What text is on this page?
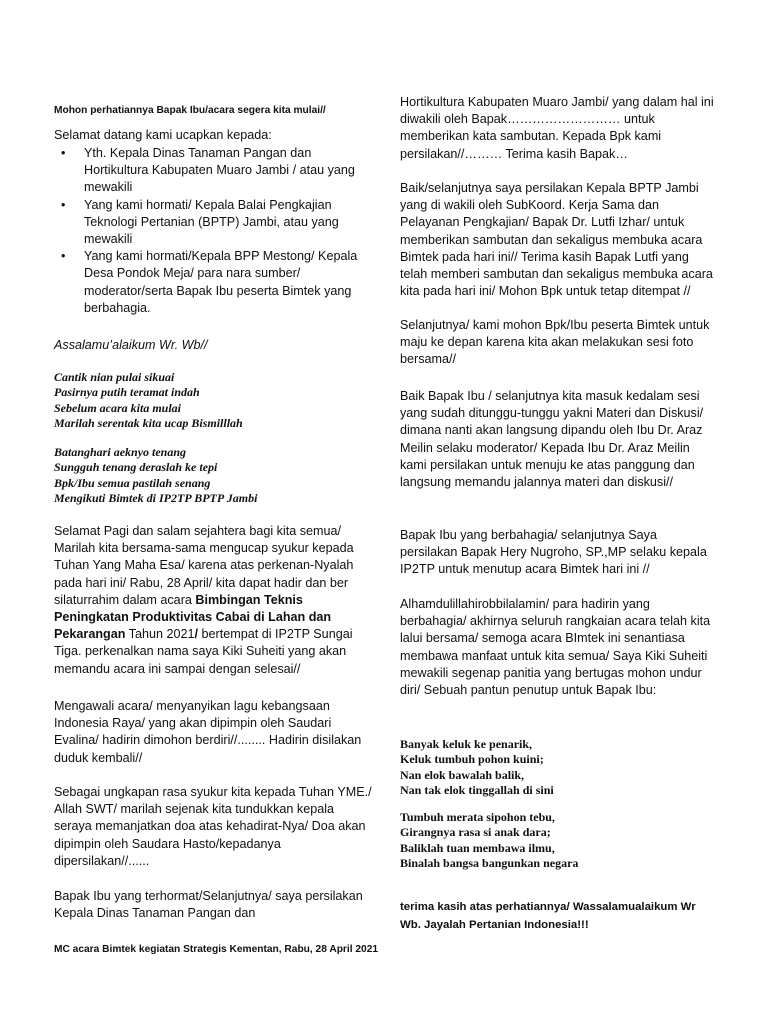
Mohon perhatiannya Bapak Ibu/acara segera kita mulai//

Selamat datang kami ucapkan kepada:

• Yth. Kepala Dinas Tanaman Pangan dan Hortikultura Kabupaten Muaro Jambi / atau yang mewakili
• Yang kami hormati/ Kepala Balai Pengkajian Teknologi Pertanian (BPTP) Jambi, atau yang mewakili
• Yang kami hormati/Kepala BPP Mestong/ Kepala Desa Pondok Meja/ para nara sumber/ moderator/serta Bapak Ibu peserta Bimtek yang berbahagia.

Assalamu’alaikum Wr. Wb//

Cantik nian pulai sikuai
Pasirnya putih teramat indah
Sebelum acara kita mulai
Marilah serentak kita ucap Bismilllah
Batanghari aeknyo tenang
Sungguh tenang deraslah ke tepi
Bpk/Ibu semua pastilah senang
Mengikuti Bimtek di IP2TP BPTP Jambi

Selamat Pagi dan salam sejahtera bagi kita semua/ Marilah kita bersama-sama mengucap syukur kepada Tuhan Yang Maha Esa/ karena atas perkenan-Nyalah pada hari ini/ Rabu, 28 April/ kita dapat hadir dan ber silaturrahim dalam acara Bimbingan Teknis Peningkatan Produktivitas Cabai di Lahan dan Pekarangan Tahun 2021/ bertempat di IP2TP Sungai Tiga. perkenalkan nama saya Kiki Suheiti yang akan memandu acara ini sampai dengan selesai//

Mengawali acara/ menyanyikan lagu kebangsaan Indonesia Raya/ yang akan dipimpin oleh Saudari Evalina/ hadirin dimohon berdiri//........ Hadirin disilakan duduk kembali//

Sebagai ungkapan rasa syukur kita kepada Tuhan YME./ Allah SWT/ marilah sejenak kita tundukkan kepala seraya memanjatkan doa atas kehadirat-Nya/ Doa akan dipimpin oleh Saudara Hasto/kepadanya dipersilakan//......

Bapak Ibu yang terhormat/Selanjutnya/ saya persilakan Kepala Dinas Tanaman Pangan dan

MC acara Bimtek kegiatan Strategis Kementan, Rabu, 28 April 2021

Hortikultura Kabupaten Muaro Jambi/ yang dalam hal ini diwakili oleh Bapak……………………… untuk memberikan kata sambutan. Kepada Bpk kami persilakan//……… Terima kasih Bapak…

Baik/selanjutnya saya persilakan Kepala BPTP Jambi yang di wakili oleh SubKoord. Kerja Sama dan Pelayanan Pengkajian/ Bapak Dr. Lutfi Izhar/ untuk memberikan sambutan dan sekaligus membuka acara Bimtek pada hari ini// Terima kasih Bapak Lutfi yang telah memberi sambutan dan sekaligus membuka acara kita pada hari ini/ Mohon Bpk untuk tetap ditempat //

Selanjutnya/ kami mohon Bpk/Ibu peserta Bimtek untuk maju ke depan karena kita akan melakukan sesi foto bersama//

Baik Bapak Ibu / selanjutnya kita masuk kedalam sesi yang sudah ditunggu-tunggu yakni Materi dan Diskusi/ dimana nanti akan langsung dipandu oleh Ibu Dr. Araz Meilin selaku moderator/ Kepada Ibu Dr. Araz Meilin kami persilakan untuk menuju ke atas panggung dan langsung memandu jalannya materi dan diskusi//

Bapak Ibu yang berbahagia/ selanjutnya Saya persilakan Bapak Hery Nugroho, SP.,MP selaku kepala IP2TP untuk menutup acara Bimtek hari ini //

Alhamdulillahirobbilalamin/ para hadirin yang berbahagia/ akhirnya seluruh rangkaian acara telah kita lalui bersama/ semoga acara BImtek ini senantiasa membawa manfaat untuk kita semua/ Saya Kiki Suheiti mewakili segenap panitia yang bertugas mohon undur diri/ Sebuah pantun penutup untuk Bapak Ibu:

Banyak keluk ke penarik,
Keluk tumbuh pohon kuini;
Nan elok bawalah balik,
Nan tak elok tinggallah di sini
Tumbuh merata sipohon tebu,
Girangnya rasa si anak dara;
Baliklah tuan membawa ilmu,
Binalah bangsa bangunkan negara

terima kasih atas perhatiannya/ Wassalamualaikum Wr Wb. Jayalah Pertanian Indonesia!!!
